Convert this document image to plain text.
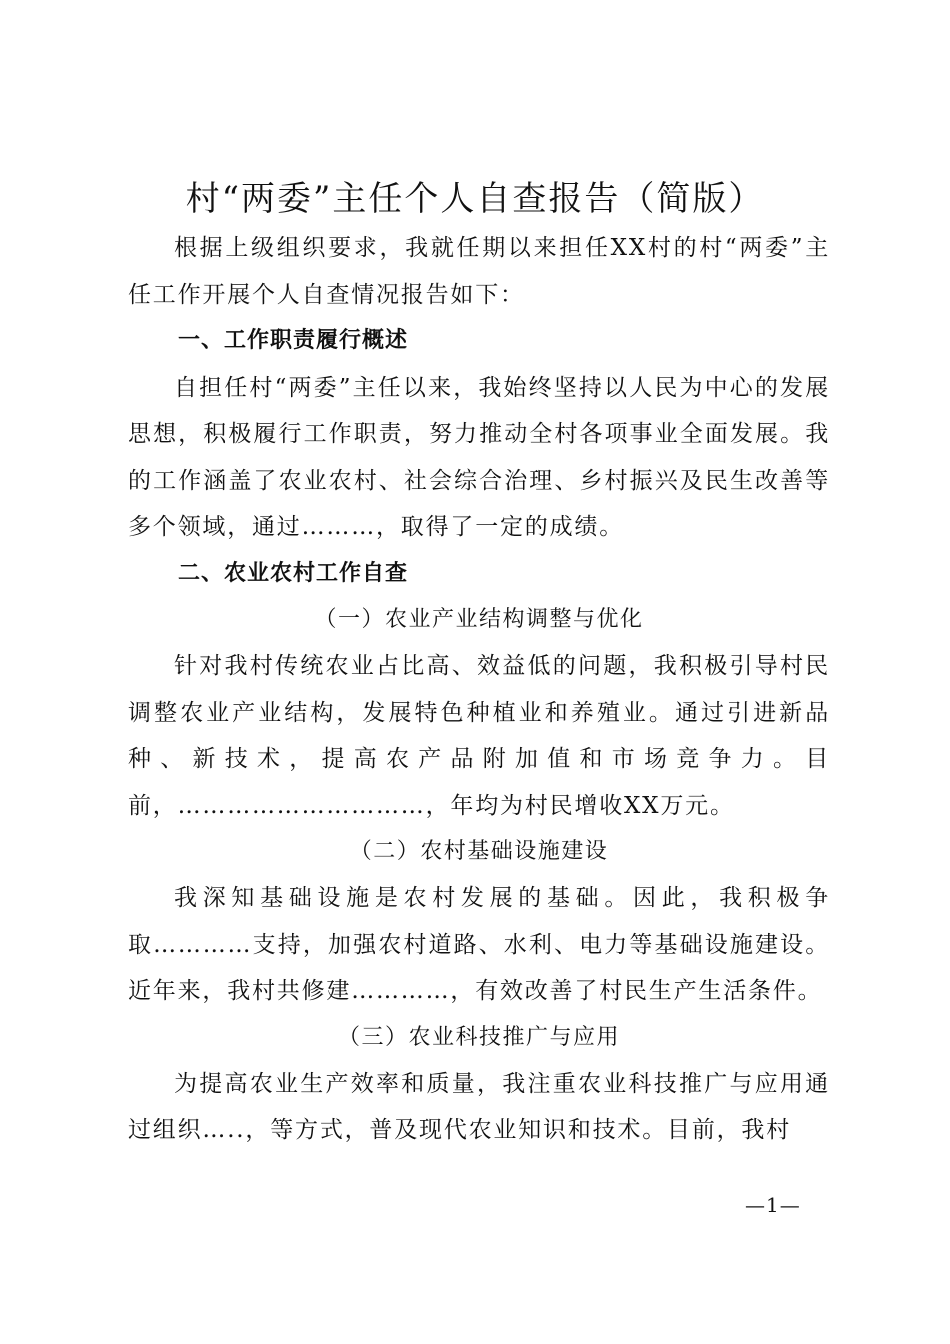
村“两委”主任个人自查报告（简版）

根据上级组织要求，我就任期以来担任XX村的村“两委”主任工作开展个人自查情况报告如下：

一、工作职责履行概述

自担任村“两委”主任以来，我始终坚持以人民为中心的发展思想，积极履行工作职责，努力推动全村各项事业全面发展。我的工作涵盖了农业农村、社会综合治理、乡村振兴及民生改善等多个领域，通过………，取得了一定的成绩。

二、农业农村工作自查

（一）农业产业结构调整与优化

针对我村传统农业占比高、效益低的问题，我积极引导村民调整农业产业结构，发展特色种植业和养殖业。通过引进新品种、新技术，提高农产品附加值和市场竞争力。目前，…………………………，年均为村民增收XX万元。

（二）农村基础设施建设

我深知基础设施是农村发展的基础。因此，我积极争取…………支持，加强农村道路、水利、电力等基础设施建设。近年来，我村共修建…………，有效改善了村民生产生活条件。

（三）农业科技推广与应用

为提高农业生产效率和质量，我注重农业科技推广与应用通过组织…..，等方式，普及现代农业知识和技术。目前，我村

—1—
